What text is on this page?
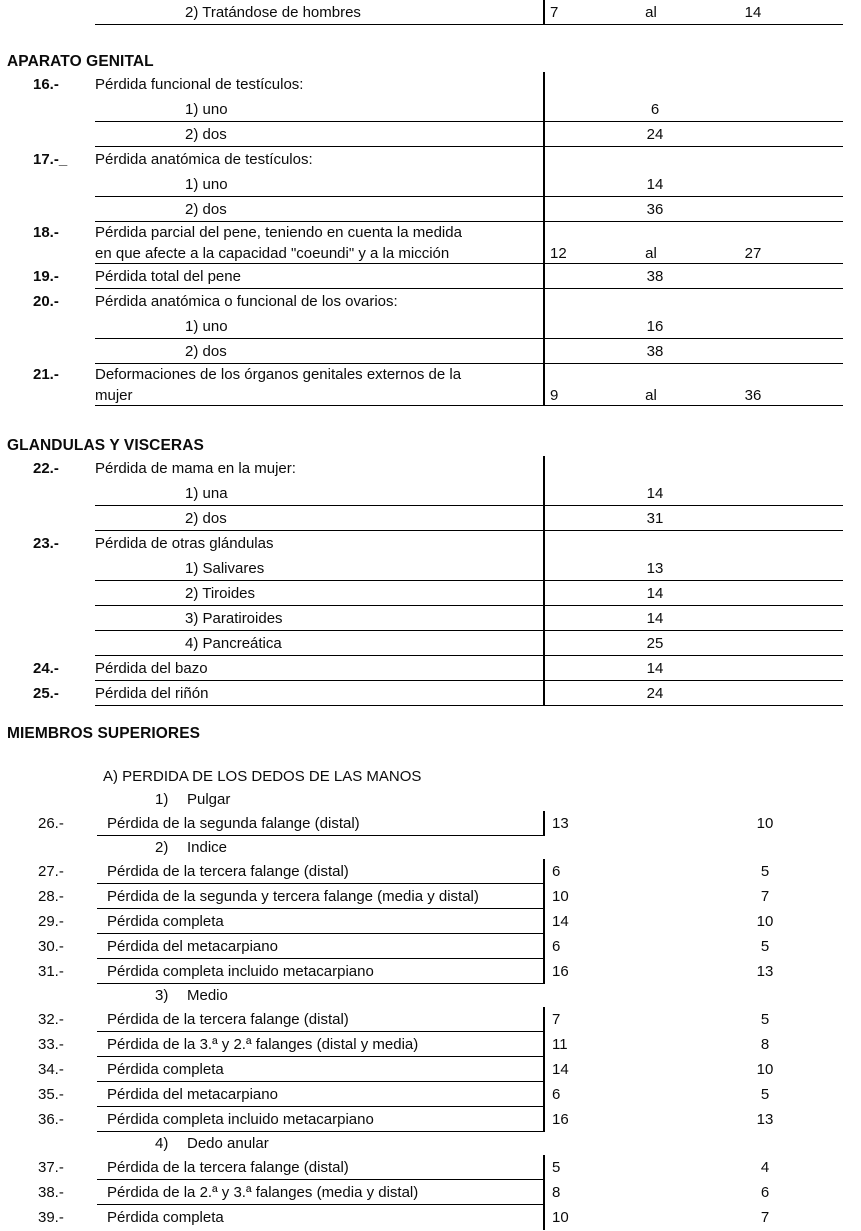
2) Tratándose de hombres	7	al	14
APARATO GENITAL
16.- Pérdida funcional de testículos:
1) uno	6
2) dos	24
17.-_ Pérdida anatómica de testículos:
1) uno	14
2) dos	36
18.- Pérdida parcial del pene, teniendo en cuenta la medida
en que afecte a la capacidad "coeundi" y a la micción	12	al	27
19.- Pérdida total del pene	38
20.- Pérdida anatómica o funcional de los ovarios:
1) uno	16
2) dos	38
21.- Deformaciones de los órganos genitales externos de la
mujer	9	al	36
GLANDULAS Y VISCERAS
22.- Pérdida de mama en la mujer:
1) una	14
2) dos	31
23.- Pérdida de otras glándulas
1) Salivares	13
2) Tiroides	14
3) Paratiroides	14
4) Pancreática	25
24.- Pérdida del bazo	14
25.- Pérdida del riñón	24
MIEMBROS SUPERIORES
A) PERDIDA DE LOS DEDOS DE LAS MANOS
1) Pulgar
26.-	Pérdida de la segunda falange (distal)	13	10
2) Indice
27.-	Pérdida de la tercera falange (distal)	6	5
28.-	Pérdida de la segunda y tercera falange (media y distal)	10	7
29.-	Pérdida completa	14	10
30.-	Pérdida del metacarpiano	6	5
31.-	Pérdida completa incluido metacarpiano	16	13
3) Medio
32.-	Pérdida de la tercera falange (distal)	7	5
33.-	Pérdida de la 3.ª y 2.ª falanges (distal y media)	11	8
34.-	Pérdida completa	14	10
35.-	Pérdida del metacarpiano	6	5
36.-	Pérdida completa incluido metacarpiano	16	13
4) Dedo anular
37.-	Pérdida de la tercera falange (distal)	5	4
38.-	Pérdida de la 2.ª y 3.ª falanges (media y distal)	8	6
39.-	Pérdida completa	10	7
